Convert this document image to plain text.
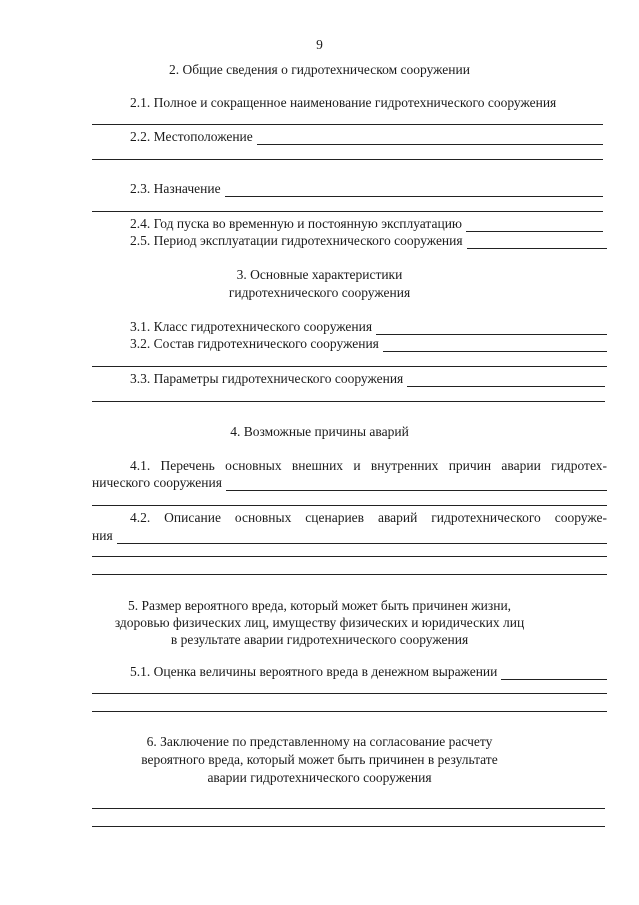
9
2. Общие сведения о гидротехническом сооружении
2.1. Полное и сокращенное наименование гидротехнического сооружения
2.2. Местоположение
2.3. Назначение
2.4. Год пуска во временную и постоянную эксплуатацию
2.5. Период эксплуатации гидротехнического сооружения
3. Основные характеристики
гидротехнического сооружения
3.1. Класс гидротехнического сооружения
3.2. Состав гидротехнического сооружения
3.3. Параметры гидротехнического сооружения
4. Возможные причины аварий
4.1. Перечень основных внешних и внутренних причин аварии гидротех-
нического сооружения
4.2. Описание основных сценариев аварий гидротехнического сооруже-
ния
5. Размер вероятного вреда, который может быть причинен жизни,
здоровью физических лиц, имуществу физических и юридических лиц
в результате аварии гидротехнического сооружения
5.1. Оценка величины вероятного вреда в денежном выражении
6. Заключение по представленному на согласование расчету
вероятного вреда, который может быть причинен в результате
аварии гидротехнического сооружения
